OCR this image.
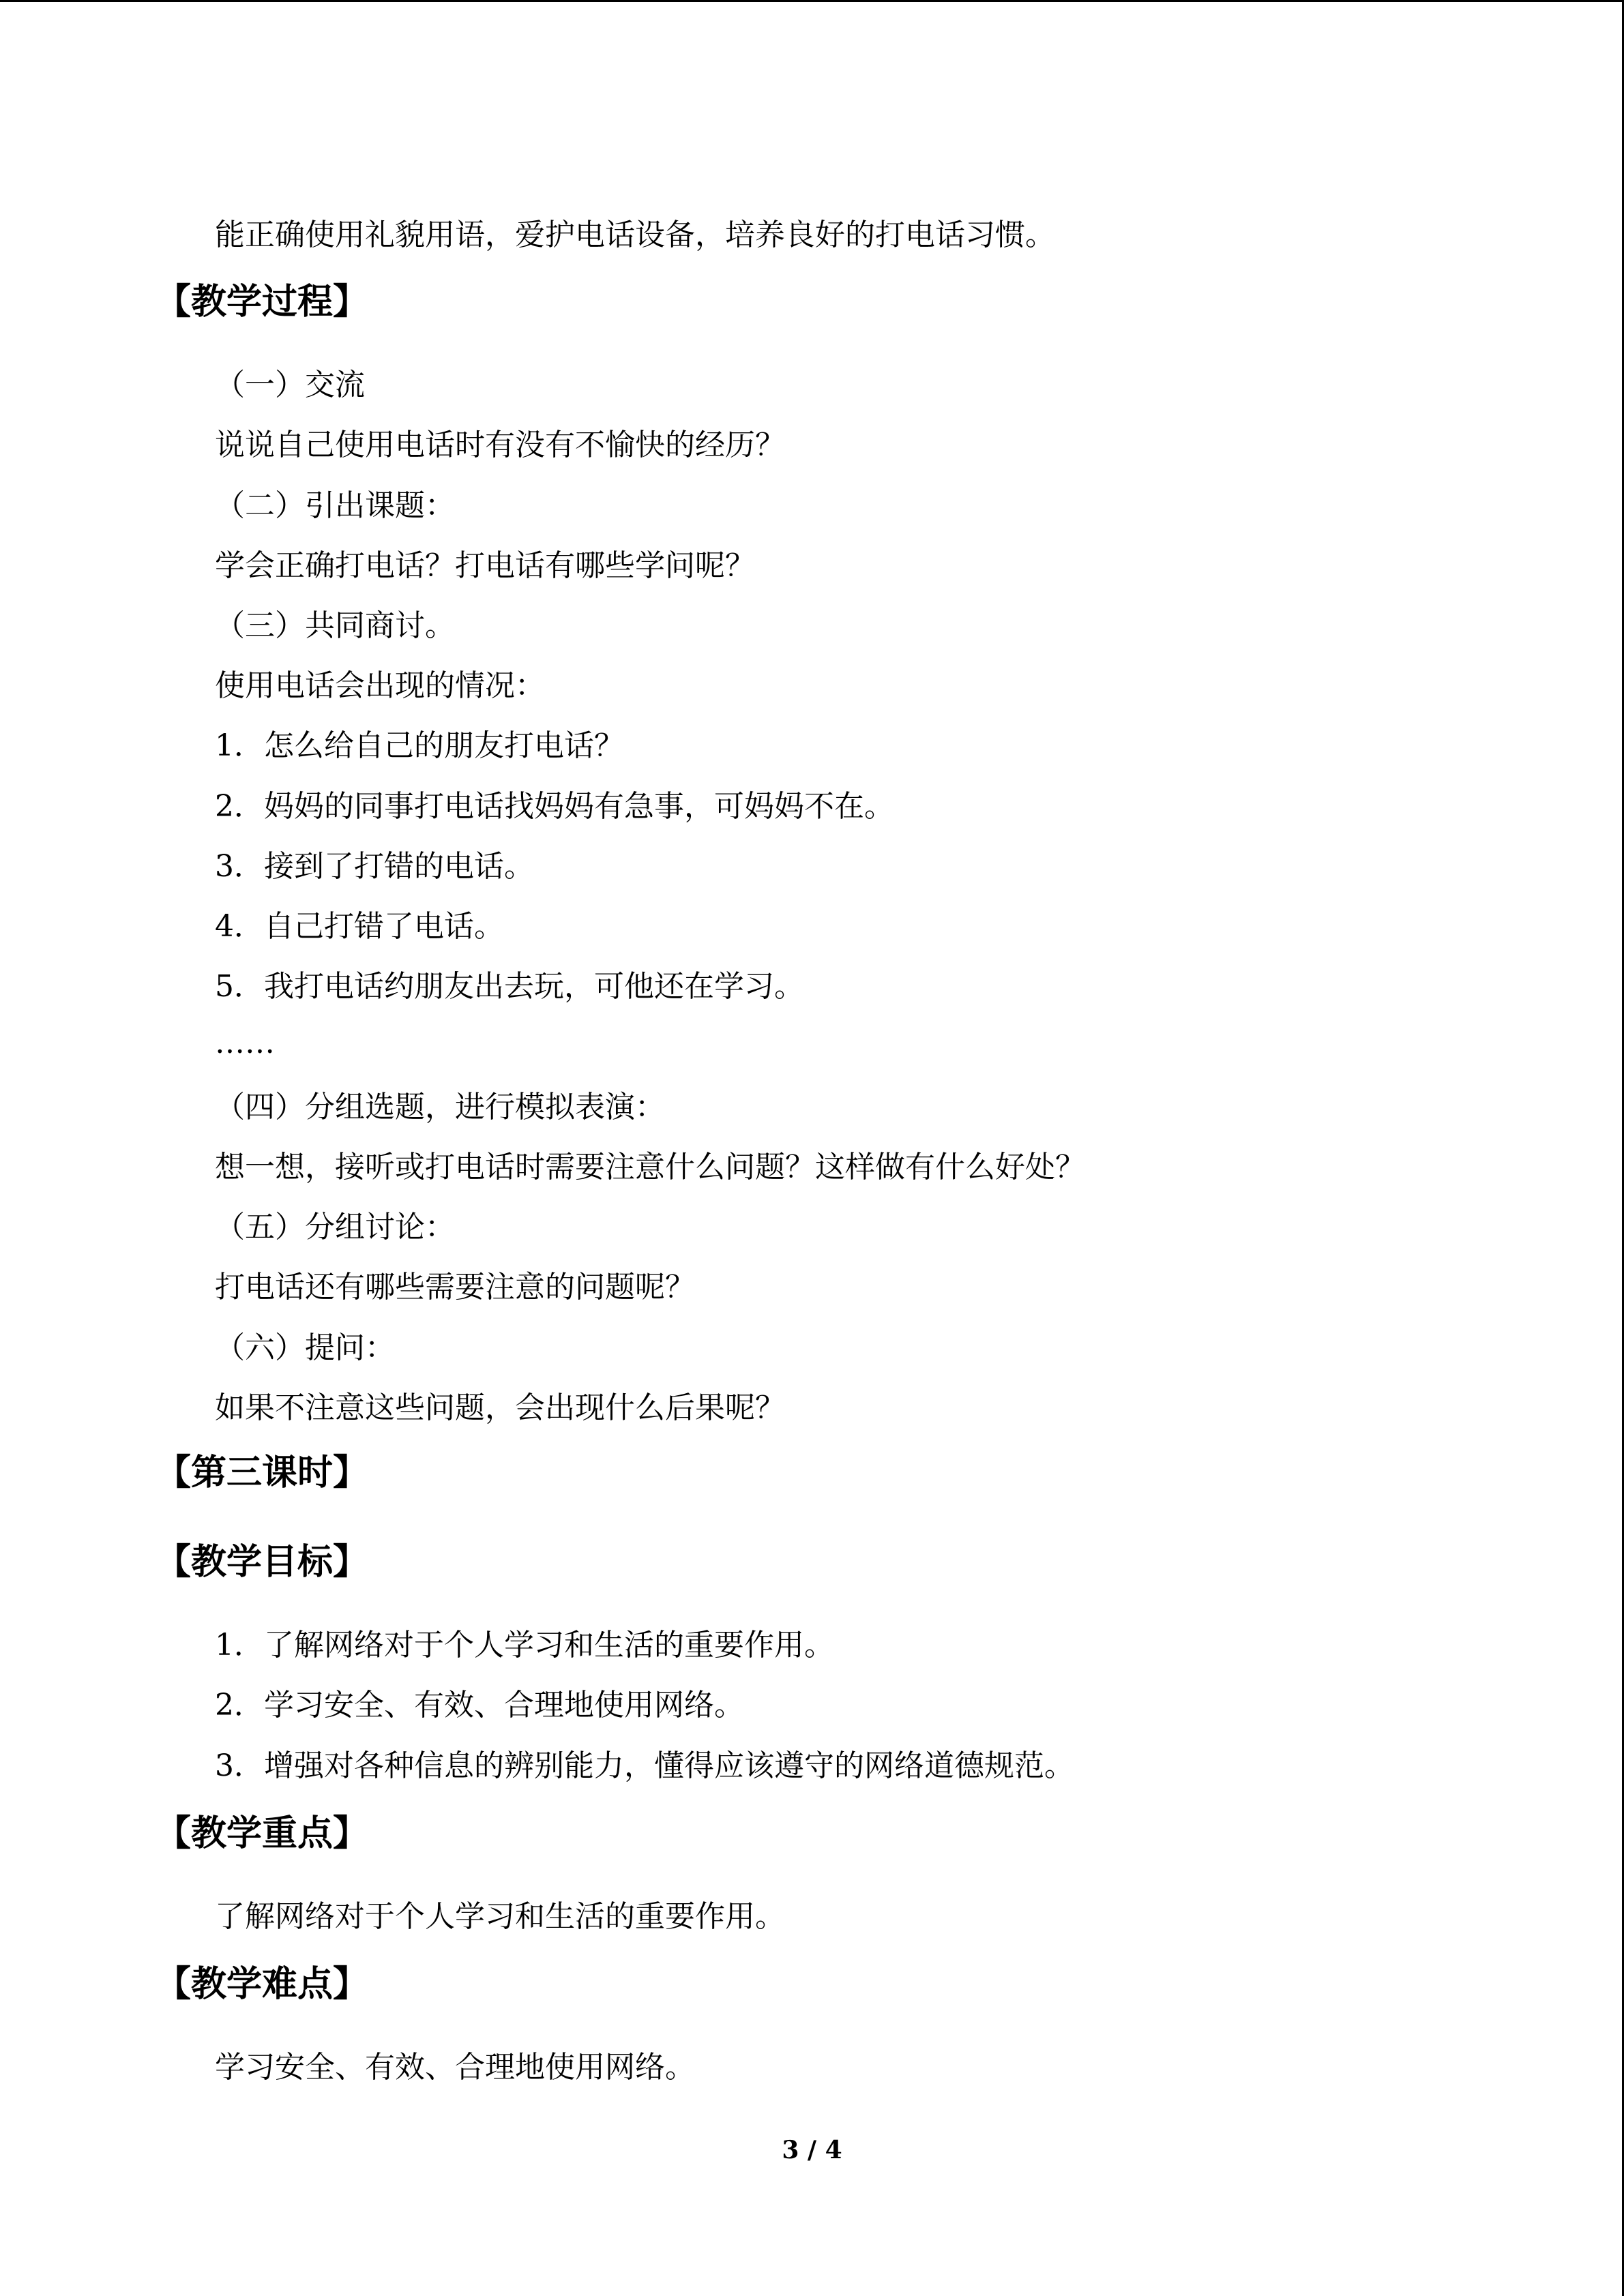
能正确使用礼貌用语，爱护电话设备，培养良好的打电话习惯。
【教学过程】
（一）交流
说说自己使用电话时有没有不愉快的经历？
（二）引出课题：
学会正确打电话？打电话有哪些学问呢？
（三）共同商讨。
使用电话会出现的情况：
1．怎么给自己的朋友打电话？
2．妈妈的同事打电话找妈妈有急事，可妈妈不在。
3．接到了打错的电话。
4．自己打错了电话。
5．我打电话约朋友出去玩，可他还在学习。
……
（四）分组选题，进行模拟表演：
想一想，接听或打电话时需要注意什么问题？这样做有什么好处？
（五）分组讨论：
打电话还有哪些需要注意的问题呢？
（六）提问：
如果不注意这些问题，会出现什么后果呢？
【第三课时】
【教学目标】
1．了解网络对于个人学习和生活的重要作用。
2．学习安全、有效、合理地使用网络。
3．增强对各种信息的辨别能力，懂得应该遵守的网络道德规范。
【教学重点】
了解网络对于个人学习和生活的重要作用。
【教学难点】
学习安全、有效、合理地使用网络。
3 / 4
